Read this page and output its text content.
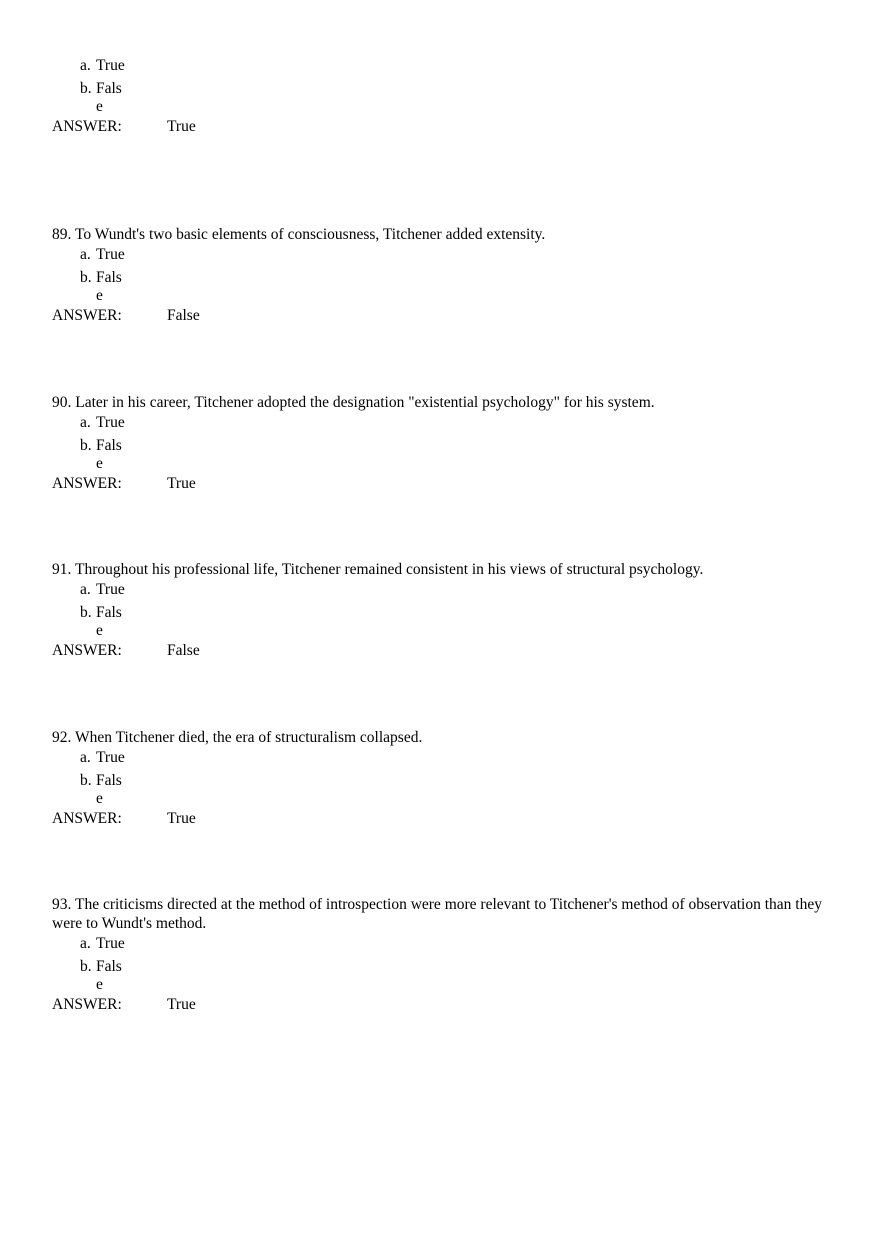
a. True
b. False
ANSWER:	True

89. To Wundt's two basic elements of consciousness, Titchener added extensity.

a. True
b. False
ANSWER:	False

90. Later in his career, Titchener adopted the designation "existential psychology" for his system.

a. True
b. False
ANSWER:	True

91. Throughout his professional life, Titchener remained consistent in his views of structural psychology.

a. True
b. False
ANSWER:	False

92. When Titchener died, the era of structuralism collapsed.

a. True
b. False
ANSWER:	True

93. The criticisms directed at the method of introspection were more relevant to Titchener's method of observation than they were to Wundt's method.

a. True
b. False
ANSWER:	True
